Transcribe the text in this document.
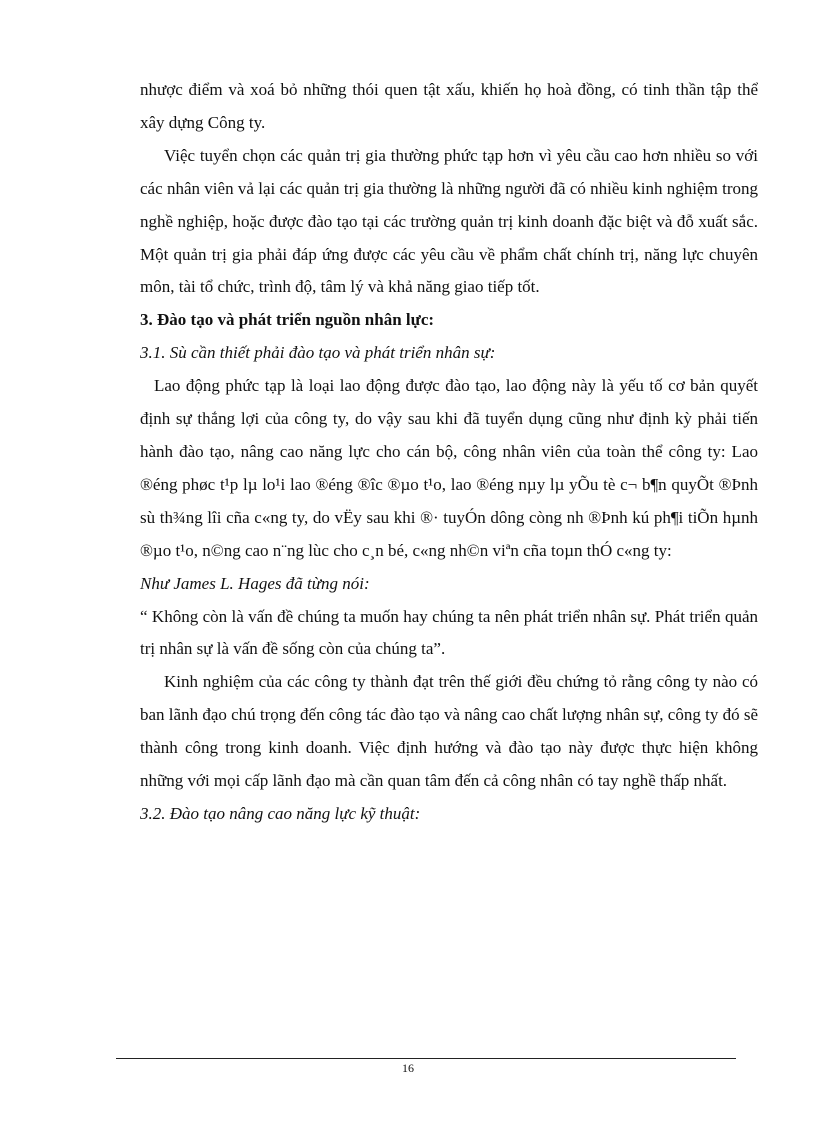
nhược điểm và xoá bỏ những thói quen tật xấu, khiến họ hoà đồng, có tinh thần tập thể xây dựng Công ty.

Việc tuyển chọn các quản trị gia thường phức tạp hơn vì yêu cầu cao hơn nhiều so với các nhân viên vả lại các quản trị gia thường là những người đã có nhiều kinh nghiệm trong nghề nghiệp, hoặc được đào tạo tại các trường quản trị kinh doanh đặc biệt và đỗ xuất sắc. Một quản trị gia phải đáp ứng được các yêu cầu về phẩm chất chính trị, năng lực chuyên môn, tài tổ chức, trình độ, tâm lý và khả năng giao tiếp tốt.

3. Đào tạo và phát triển nguồn nhân lực:

3.1. Sù cần thiết phải đào tạo và phát triển nhân sự:

Lao động phức tạp là loại lao động được đào tạo, lao động này là yếu tố cơ bản quyết định sự thắng lợi của công ty, do vậy sau khi đã tuyển dụng cũng như định kỳ phải tiến hành đào tạo, nâng cao năng lực cho cán bộ, công nhân viên của toàn thể công ty: Lao ®éng phøc t¹p lµ lo¹i lao ®éng ®îc ®µo t¹o, lao ®éng nµy lµ yÕu tè c¬ b¶n quyÕt ®Þnh sù th¾ng lîi cña c«ng ty, do vËy sau khi ®· tuyÓn dông còng nh ®Þnh kú ph¶i tiÕn hµnh ®µo t¹o, n©ng cao n¨ng lùc cho c¸n bé, c«ng nh©n viªn cña toµn thÓ c«ng ty:

Như James L. Hages đã từng nói:

“ Không còn là vấn đề chúng ta muốn hay chúng ta nên phát triển nhân sự. Phát triển quản trị nhân sự là vấn đề sống còn của chúng ta”.

Kinh nghiệm của các công ty thành đạt trên thế giới đều chứng tỏ rằng công ty nào có ban lãnh đạo chú trọng đến công tác đào tạo và nâng cao chất lượng nhân sự, công ty đó sẽ thành công trong kinh doanh. Việc định hướng và đào tạo này được thực hiện không những với mọi cấp lãnh đạo mà cần quan tâm đến cả công nhân có tay nghề thấp nhất.

3.2. Đào tạo nâng cao năng lực kỹ thuật:

16
